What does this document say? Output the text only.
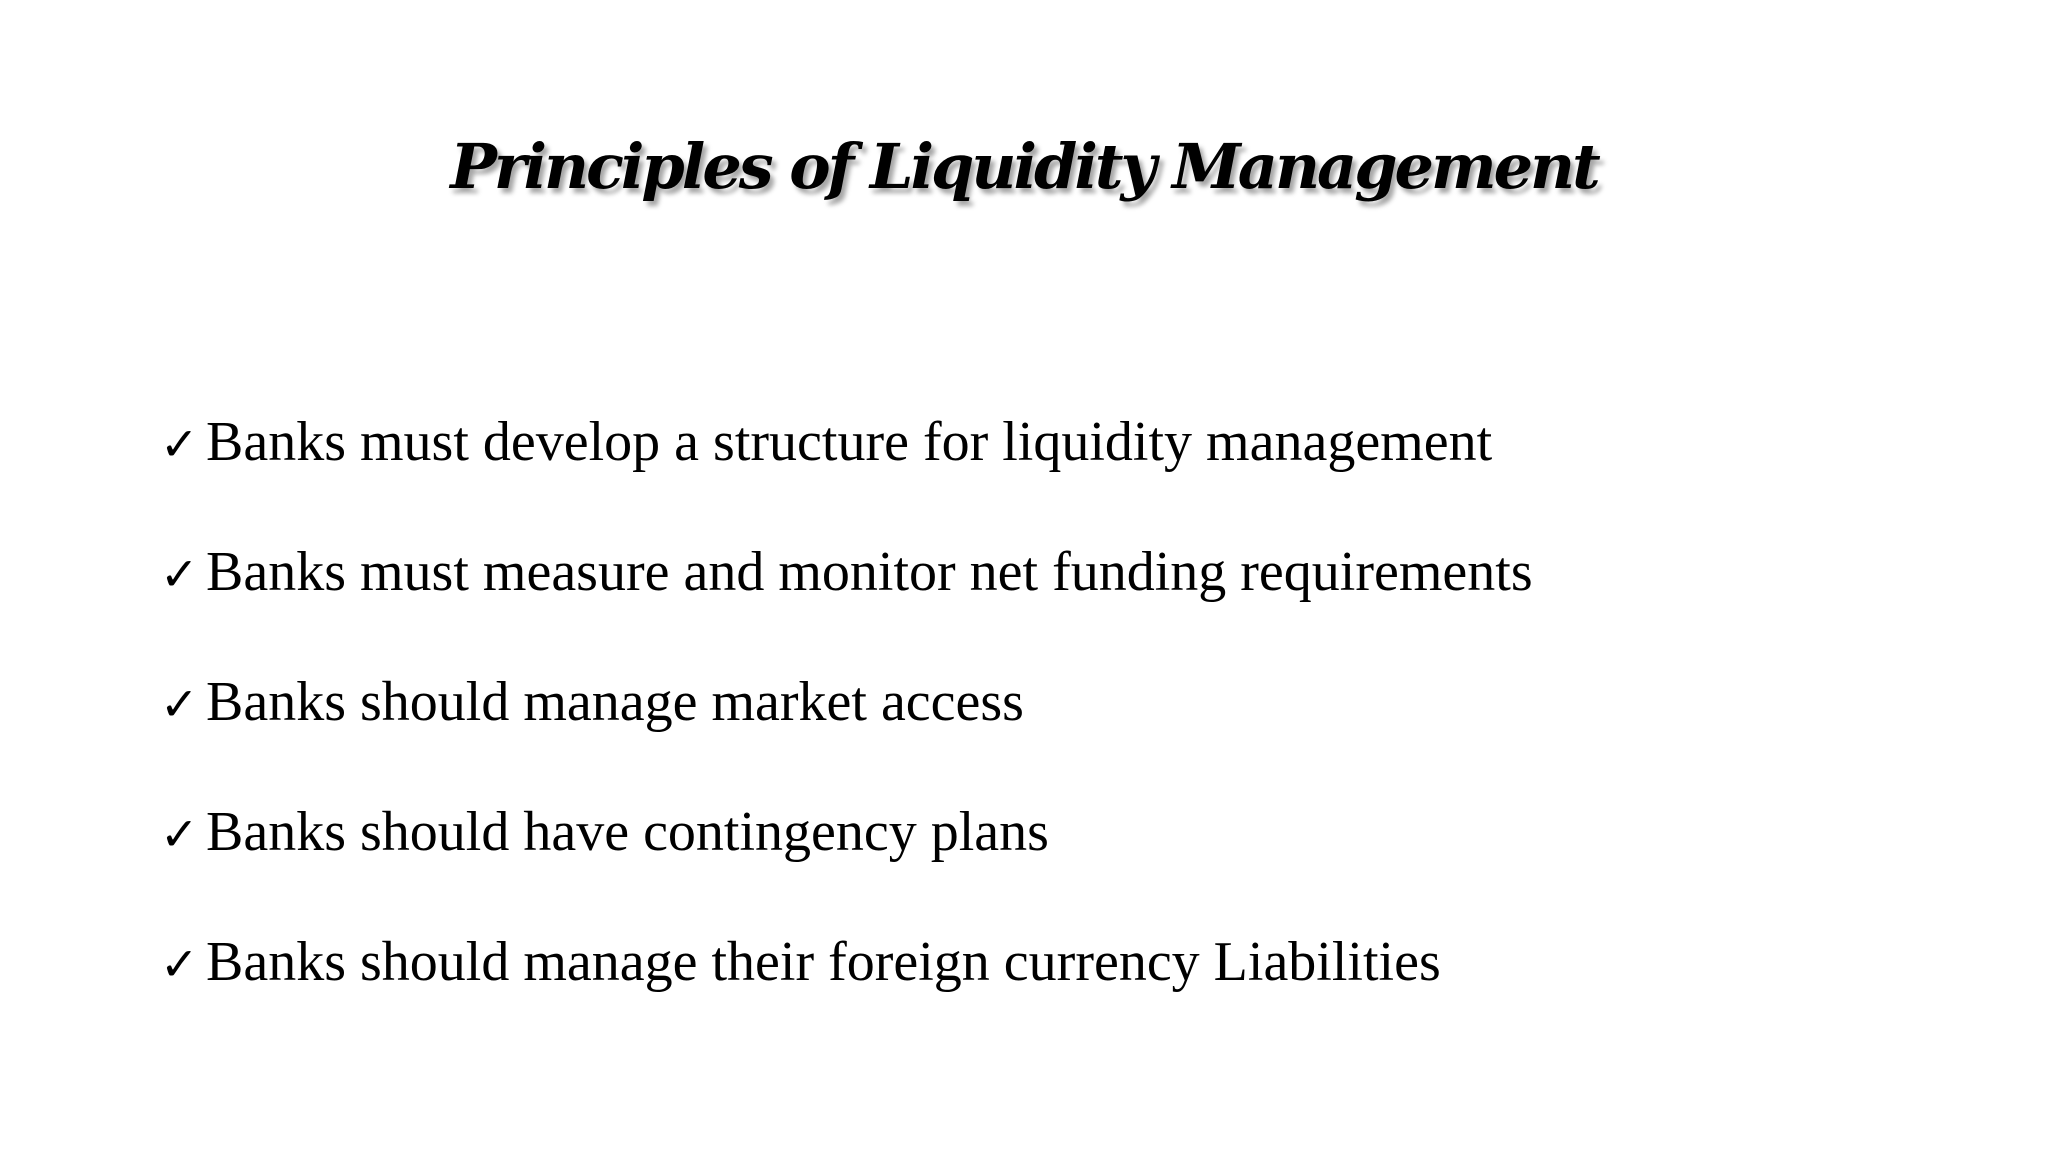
Principles of Liquidity Management
✓ Banks must develop a structure for liquidity management
✓ Banks must measure and monitor net funding requirements
✓ Banks should manage market access
✓ Banks should have contingency plans
✓ Banks should manage their foreign currency Liabilities
